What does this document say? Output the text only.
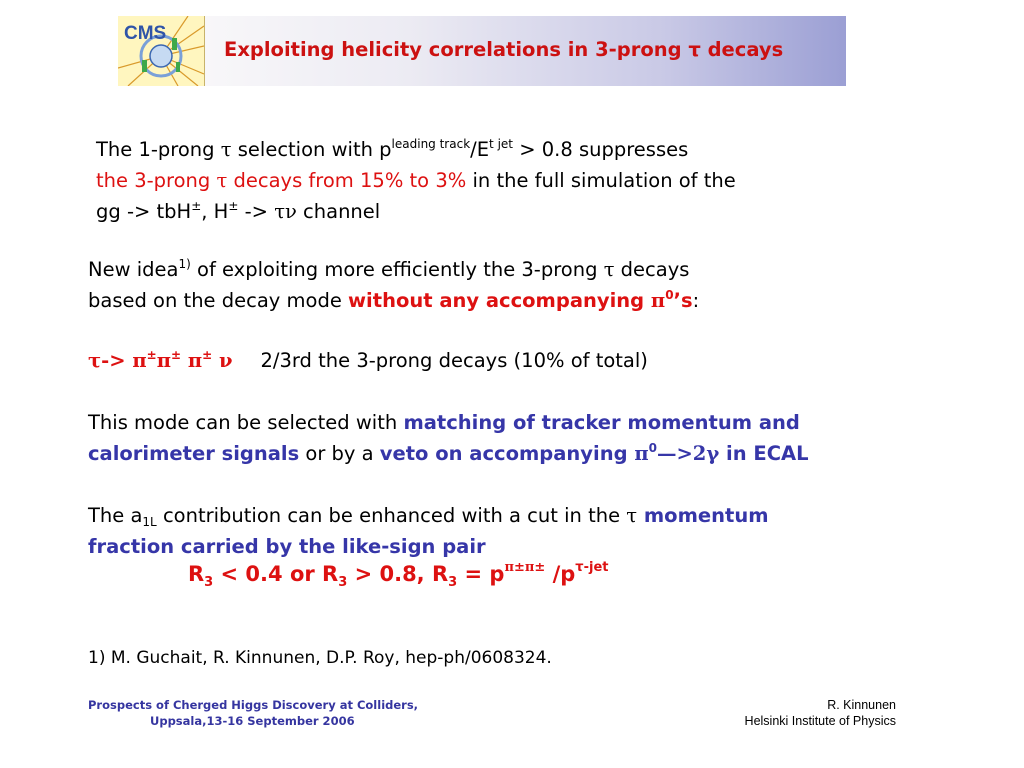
CMS
Exploiting helicity correlations in 3-prong τ decays
The 1-prong τ selection with $p^{leading track}/E^{t jet} > 0.8$ suppresses
the 3-prong τ decays from 15% to 3% in the full simulation of the
gg -> tbH±, H± -> τν channel
New idea$^{1)}$ of exploiting more efficiently the 3-prong τ decays
based on the decay mode without any accompanying $\pi^0’s$:
τ-> π±π± π± ν 2/3rd the 3-prong decays (10% of total)
This mode can be selected with matching of tracker momentum and
calorimeter signals or by a veto on accompanying $\pi^0—>2\gamma$ in ECAL
The $a_{1L}$ contribution can be enhanced with a cut in the τ momentum
fraction carried by the like-sign pair
$R_3 < 0.4$ or $R_3 > 0.8$, $R_3 = p^{\pi\pm\pi\pm}$ $/p^{\tau-jet}$
1) M. Guchait, R. Kinnunen, D.P. Roy, hep-ph/0608324.
Prospects of Cherged Higgs Discovery at Colliders,
Uppsala,13-16 September 2006
R. Kinnunen
Helsinki Institute of Physics
